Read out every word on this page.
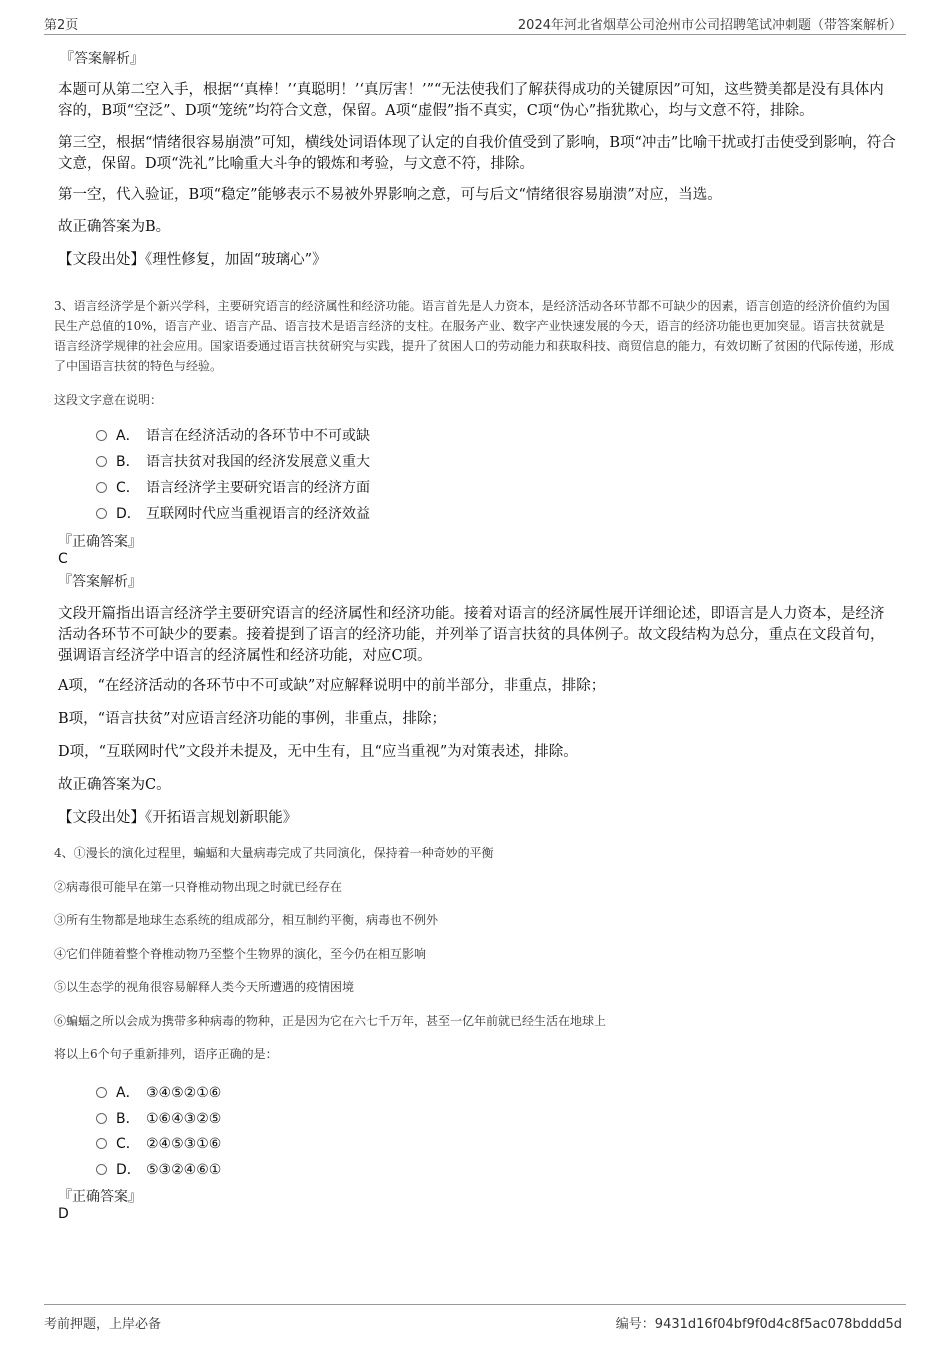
第2页	2024年河北省烟草公司沧州市公司招聘笔试冲刺题（带答案解析）
『答案解析』
本题可从第二空入手，根据“‘真棒！’‘真聪明！’‘真厉害！’”“无法使我们了解获得成功的关键原因”可知，这些赞美都是没有具体内容的，B项“空泛”、D项“笼统”均符合文意，保留。A项“虚假”指不真实，C项“伪心”指犹欺心，均与文意不符，排除。
第三空，根据“情绪很容易崩溃”可知，横线处词语体现了认定的自我价值受到了影响，B项“冲击”比喻干扰或打击使受到影响，符合文意，保留。D项“洗礼”比喻重大斗争的锻炼和考验，与文意不符，排除。
第一空，代入验证，B项“稳定”能够表示不易被外界影响之意，可与后文“情绪很容易崩溃”对应，当选。
故正确答案为B。
【文段出处】《理性修复，加固“玻璃心”》
3、语言经济学是个新兴学科，主要研究语言的经济属性和经济功能。语言首先是人力资本，是经济活动各环节都不可缺少的因素，语言创造的经济价值约为国民生产总值的10%，语言产业、语言产品、语言技术是语言经济的支柱。在服务产业、数字产业快速发展的今天，语言的经济功能也更加突显。语言扶贫就是语言经济学规律的社会应用。国家语委通过语言扶贫研究与实践，提升了贫困人口的劳动能力和获取科技、商贸信息的能力，有效切断了贫困的代际传递，形成了中国语言扶贫的特色与经验。
这段文字意在说明：
A． 语言在经济活动的各环节中不可或缺
B． 语言扶贫对我国的经济发展意义重大
C． 语言经济学主要研究语言的经济方面
D． 互联网时代应当重视语言的经济效益
『正确答案』
C
『答案解析』
文段开篇指出语言经济学主要研究语言的经济属性和经济功能。接着对语言的经济属性展开详细论述，即语言是人力资本，是经济活动各环节不可缺少的要素。接着提到了语言的经济功能，并列举了语言扶贫的具体例子。故文段结构为总分，重点在文段首句，强调语言经济学中语言的经济属性和经济功能，对应C项。
A项，“在经济活动的各环节中不可或缺”对应解释说明中的前半部分，非重点，排除；
B项，“语言扶贫”对应语言经济功能的事例，非重点，排除；
D项，“互联网时代”文段并未提及，无中生有，且“应当重视”为对策表述，排除。
故正确答案为C。
【文段出处】《开拓语言规划新职能》
4、①漫长的演化过程里，蝙蝠和大量病毒完成了共同演化，保持着一种奇妙的平衡
②病毒很可能早在第一只脊椎动物出现之时就已经存在
③所有生物都是地球生态系统的组成部分，相互制约平衡，病毒也不例外
④它们伴随着整个脊椎动物乃至整个生物界的演化，至今仍在相互影响
⑤以生态学的视角很容易解释人类今天所遭遇的疫情困境
⑥蝙蝠之所以会成为携带多种病毒的物种，正是因为它在六七千万年，甚至一亿年前就已经生活在地球上
将以上6个句子重新排列，语序正确的是：
A． ③④⑤②①⑥
B． ①⑥④③②⑤
C． ②④⑤③①⑥
D． ⑤③②④⑥①
『正确答案』
D
考前押题，上岸必备	编号：9431d16f04bf9f0d4c8f5ac078bddd5d
